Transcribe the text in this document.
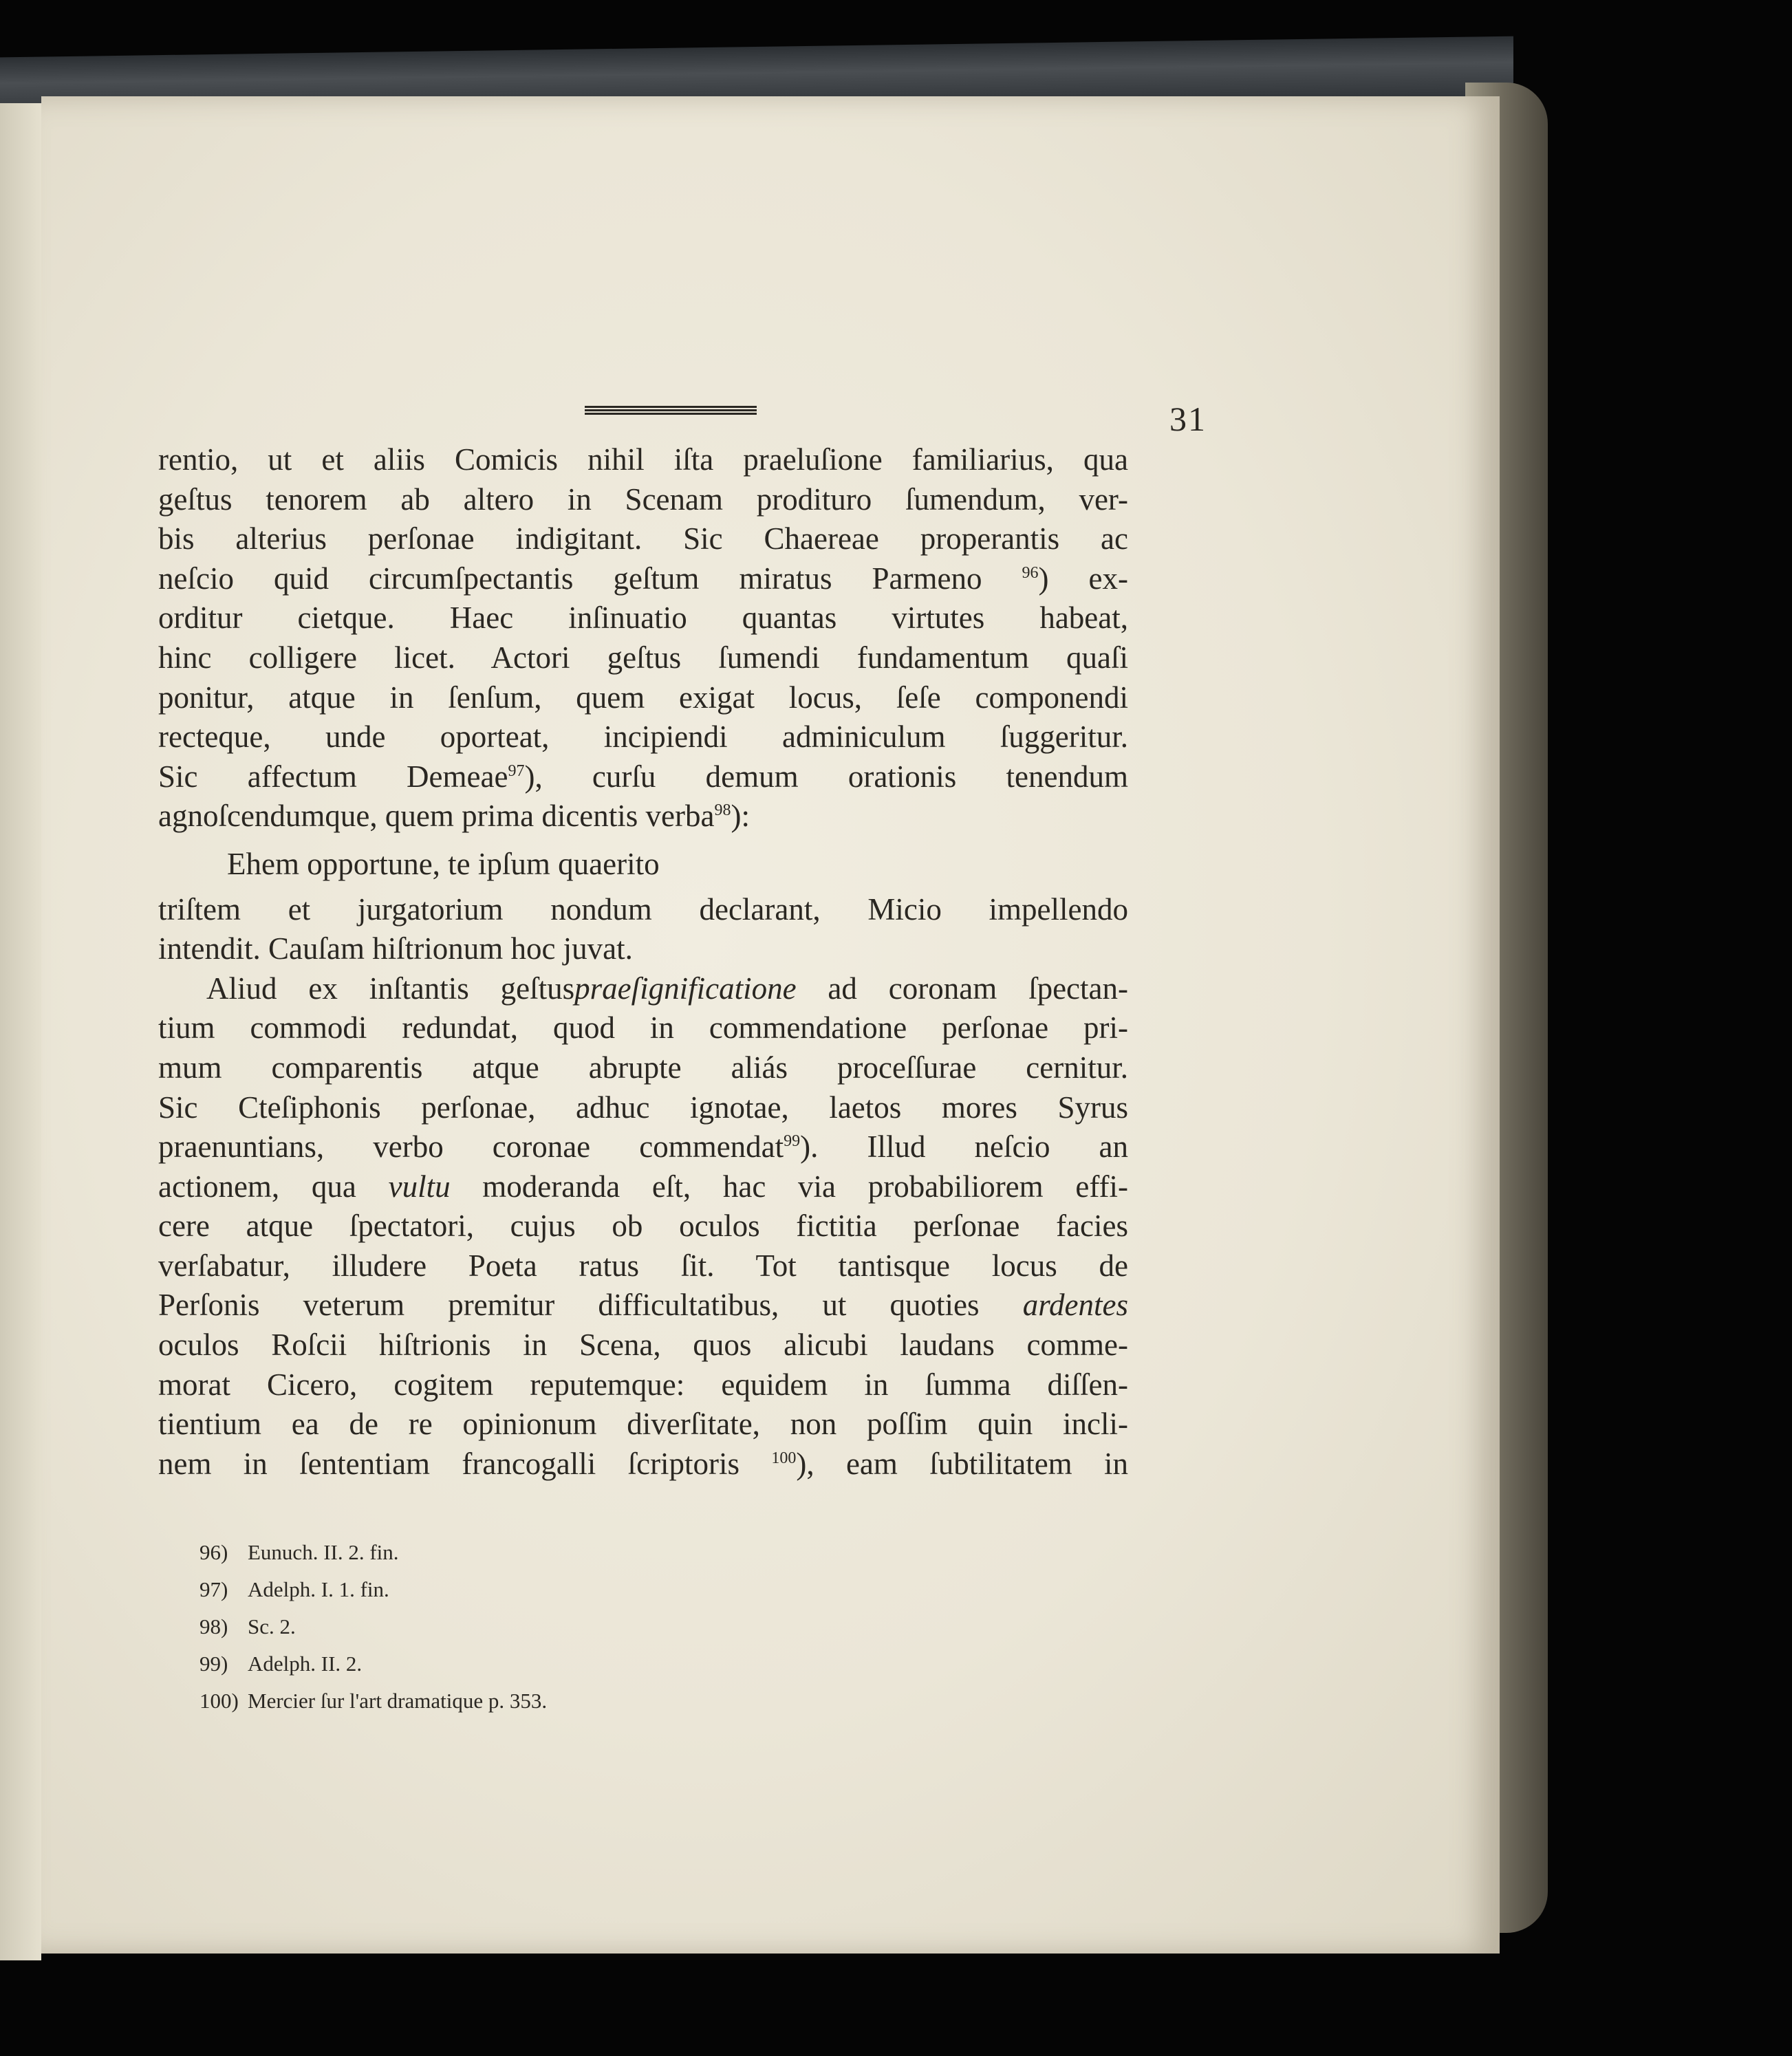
31
rentio, ut et aliis Comicis nihil iſta praeluſione familiarius, qua
geſtus tenorem ab altero in Scenam prodituro ſumendum, ver-
bis alterius perſonae indigitant. Sic Chaereae properantis ac
neſcio quid circumſpectantis geſtum miratus Parmeno $^{96}$) ex-
orditur cietque. Haec inſinuatio quantas virtutes habeat,
hinc colligere licet. Actori geſtus ſumendi fundamentum quaſi
ponitur, atque in ſenſum, quem exigat locus, ſeſe componendi
recteque, unde oporteat, incipiendi adminiculum ſuggeritur.
Sic affectum Demeae$^{97}$), curſu demum orationis tenendum
agnoſcendumque, quem prima dicentis verba$^{98}$):
Ehem opportune, te ipſum quaerito
triſtem et jurgatorium nondum declarant, Micio impellendo
intendit. Cauſam hiſtrionum hoc juvat.
Aliud ex inſtantis geſtuspraeſignificatione ad coronam ſpectan-
tium commodi redundat, quod in commendatione perſonae pri-
mum comparentis atque abrupte aliás proceſſurae cernitur.
Sic Cteſiphonis perſonae, adhuc ignotae, laetos mores Syrus
praenuntians, verbo coronae commendat$^{99}$). Illud neſcio an
actionem, qua vultu moderanda eſt, hac via probabiliorem effi-
cere atque ſpectatori, cujus ob oculos fictitia perſonae facies
verſabatur, illudere Poeta ratus ſit. Tot tantisque locus de
Perſonis veterum premitur difficultatibus, ut quoties ardentes
oculos Roſcii hiſtrionis in Scena, quos alicubi laudans comme-
morat Cicero, cogitem reputemque: equidem in ſumma diſſen-
tientium ea de re opinionum diverſitate, non poſſim quin incli-
nem in ſententiam francogalli ſcriptoris $^{100}$), eam ſubtilitatem in
96) Eunuch. II. 2. fin.
97) Adelph. I. 1. fin.
98) Sc. 2.
99) Adelph. II. 2.
100) Mercier ſur l'art dramatique p. 353.
